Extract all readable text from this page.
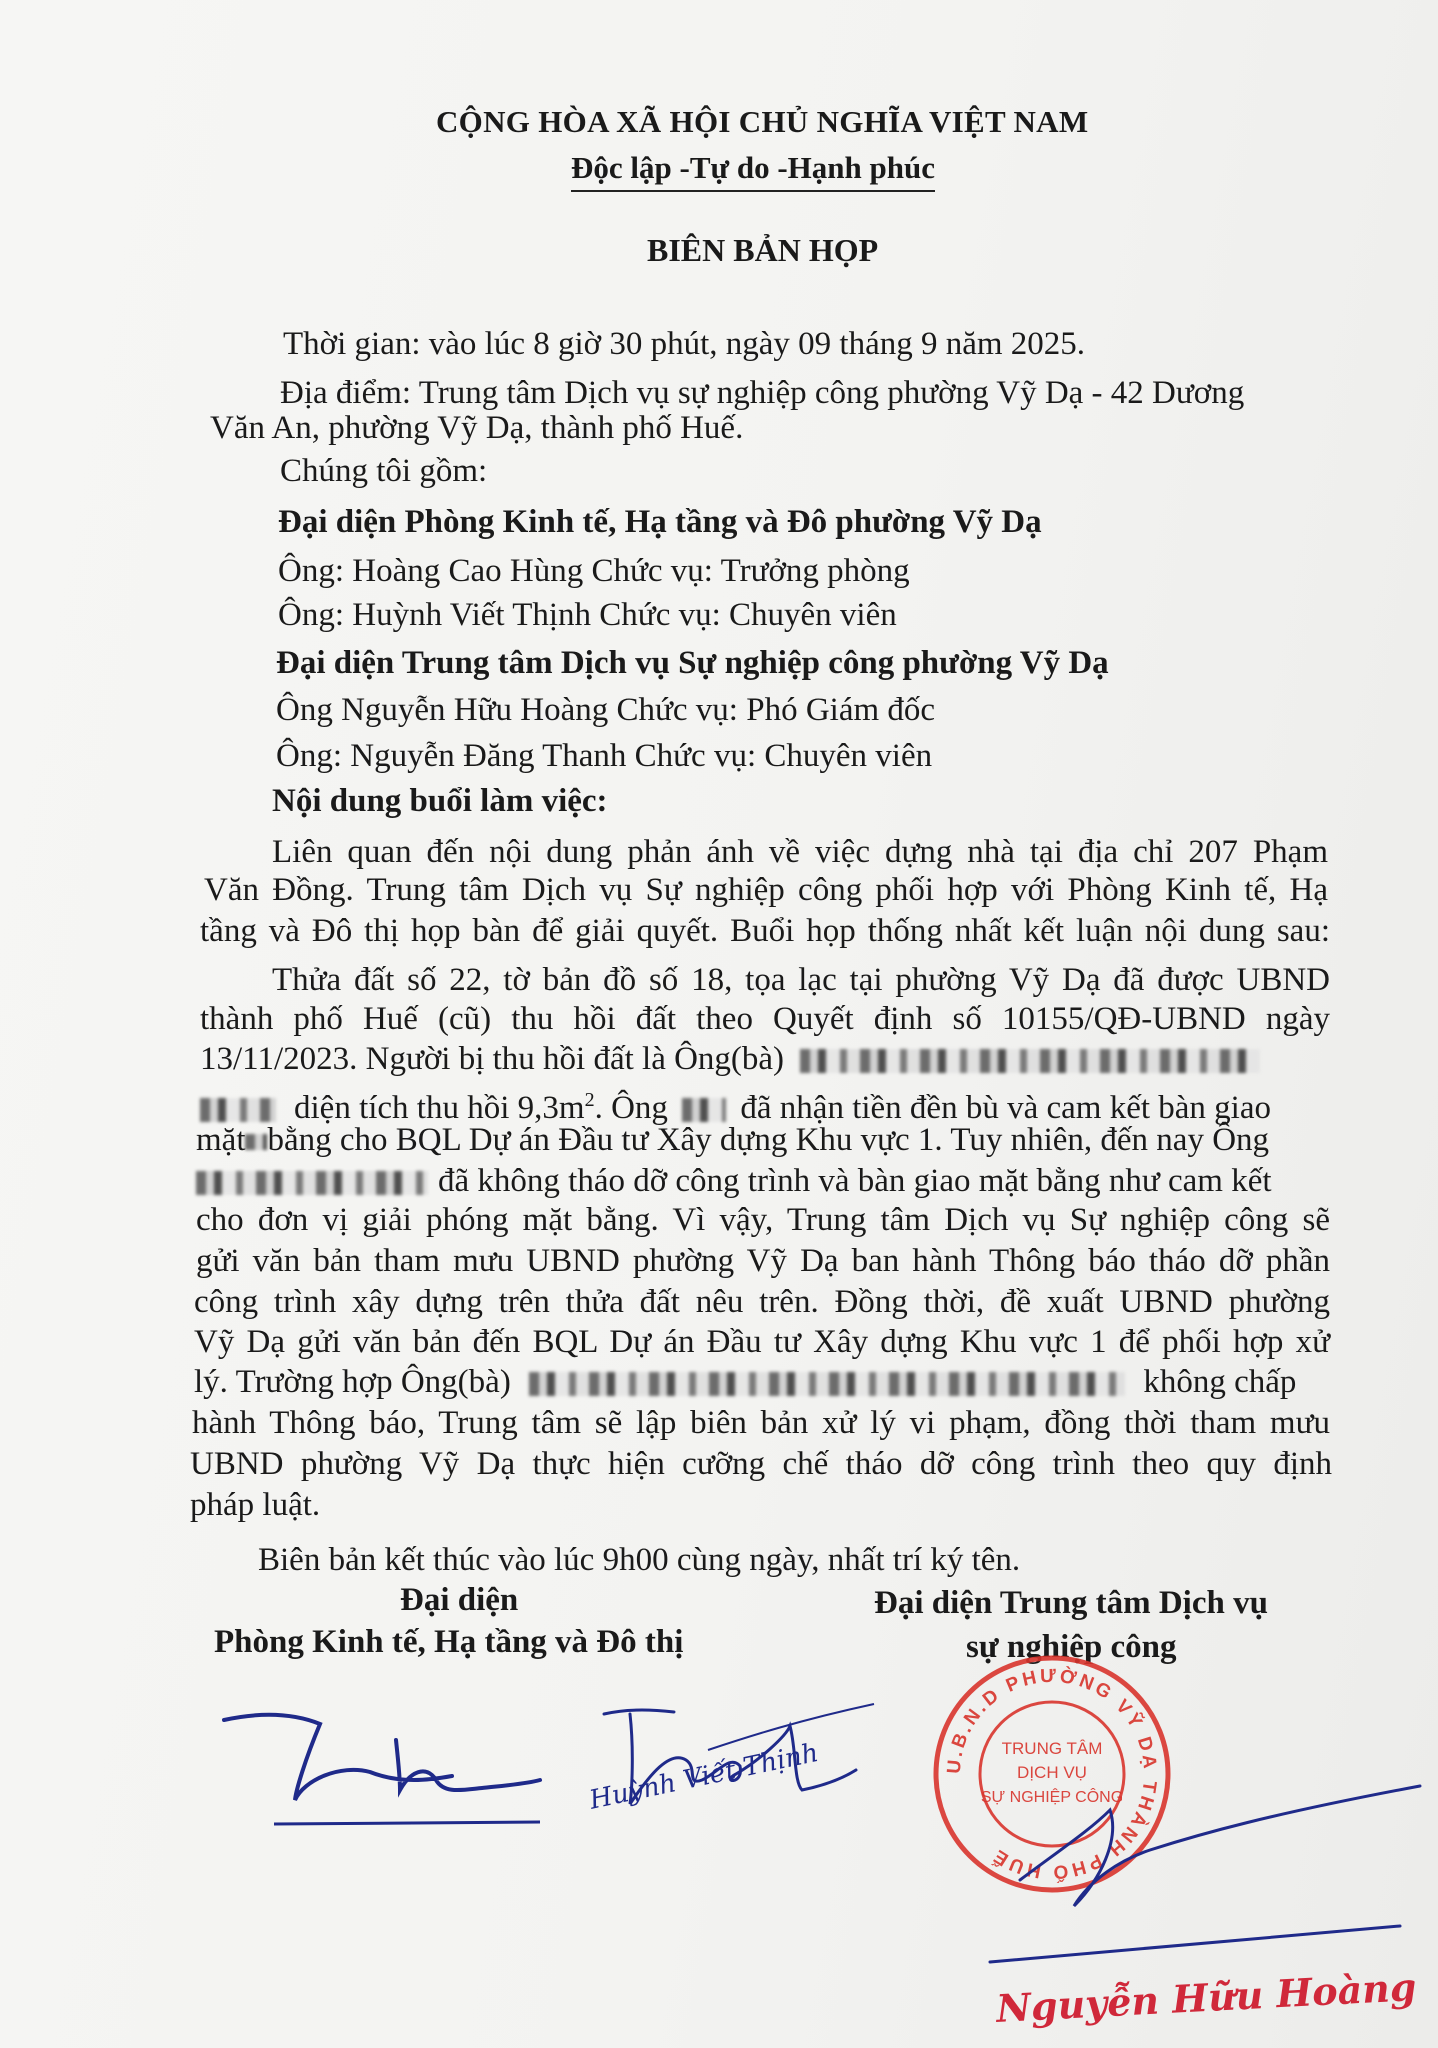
CỘNG HÒA XÃ HỘI CHỦ NGHĨA VIỆT NAM
Độc lập -Tự do -Hạnh phúc
BIÊN BẢN HỌP
Thời gian: vào lúc 8 giờ 30 phút, ngày 09 tháng 9 năm 2025.
Địa điểm: Trung tâm Dịch vụ sự nghiệp công phường Vỹ Dạ - 42 Dương
Văn An, phường Vỹ Dạ, thành phố Huế.
Chúng tôi gồm:
Đại diện Phòng Kinh tế, Hạ tầng và Đô phường Vỹ Dạ
Ông: Hoàng Cao Hùng Chức vụ: Trưởng phòng
Ông: Huỳnh Viết Thịnh Chức vụ: Chuyên viên
Đại diện Trung tâm Dịch vụ Sự nghiệp công phường Vỹ Dạ
Ông Nguyễn Hữu Hoàng Chức vụ: Phó Giám đốc
Ông: Nguyễn Đăng Thanh Chức vụ: Chuyên viên
Nội dung buổi làm việc:
Liên quan đến nội dung phản ánh về việc dựng nhà tại địa chỉ 207 Phạm
Văn Đồng. Trung tâm Dịch vụ Sự nghiệp công phối hợp với Phòng Kinh tế, Hạ
tầng và Đô thị họp bàn để giải quyết. Buổi họp thống nhất kết luận nội dung sau:
Thửa đất số 22, tờ bản đồ số 18, tọa lạc tại phường Vỹ Dạ đã được UBND
thành phố Huế (cũ) thu hồi đất theo Quyết định số 10155/QĐ-UBND ngày
13/11/2023. Người bị thu hồi đất là Ông(bà)
diện tích thu hồi $9,3m^2$. Ông đã nhận tiền đền bù và cam kết bàn giao
mặt bằng cho BQL Dự án Đầu tư Xây dựng Khu vực 1. Tuy nhiên, đến nay Ông
đã không tháo dỡ công trình và bàn giao mặt bằng như cam kết
cho đơn vị giải phóng mặt bằng. Vì vậy, Trung tâm Dịch vụ Sự nghiệp công sẽ
gửi văn bản tham mưu UBND phường Vỹ Dạ ban hành Thông báo tháo dỡ phần
công trình xây dựng trên thửa đất nêu trên. Đồng thời, đề xuất UBND phường
Vỹ Dạ gửi văn bản đến BQL Dự án Đầu tư Xây dựng Khu vực 1 để phối hợp xử
lý. Trường hợp Ông(bà)	không chấp
hành Thông báo, Trung tâm sẽ lập biên bản xử lý vi phạm, đồng thời tham mưu
UBND phường Vỹ Dạ thực hiện cưỡng chế tháo dỡ công trình theo quy định
pháp luật.
Biên bản kết thúc vào lúc 9h00 cùng ngày, nhất trí ký tên.
Đại diện
Phòng Kinh tế, Hạ tầng và Đô thị
Đại diện Trung tâm Dịch vụ
sự nghiệp công
Huỳnh Viết Thịnh	U.B.N.D PHƯỜNG VỸ DẠ THÀNH PHỐ HUẾ
TRUNG TÂM
DỊCH VỤ
SỰ NGHIỆP CÔNG
Nguyễn Hữu Hoàng
